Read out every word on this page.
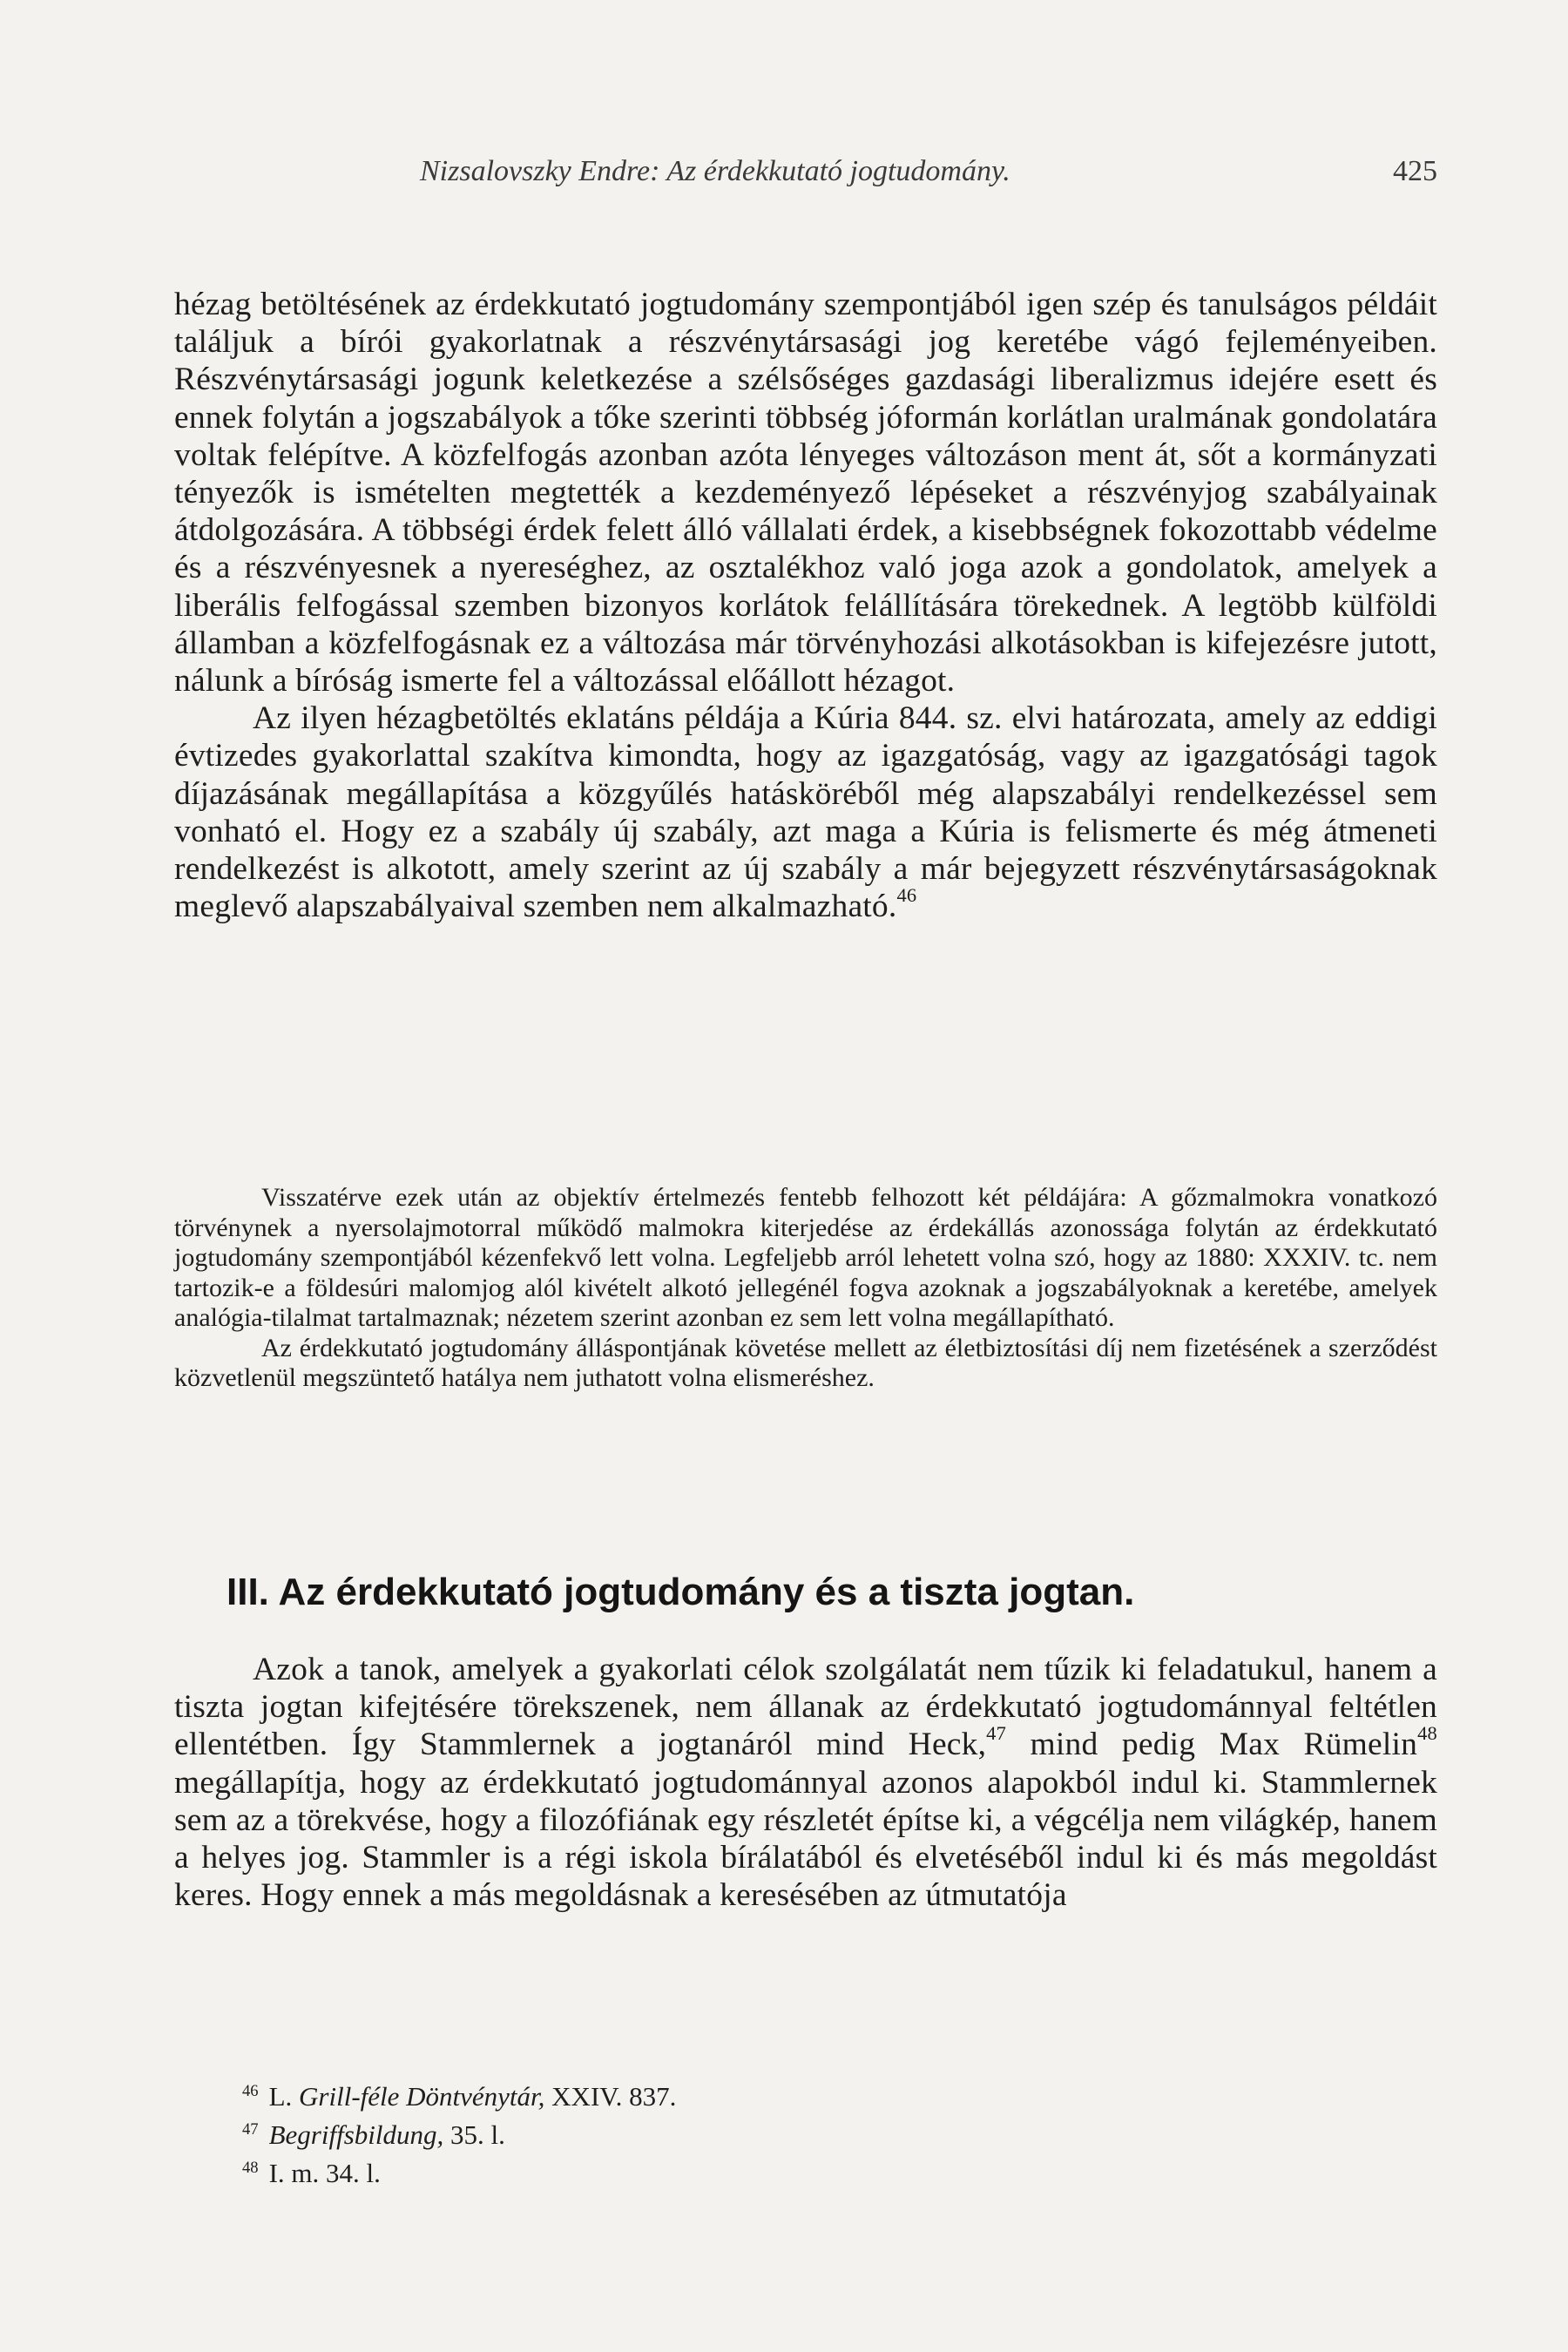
Nizsalovszky Endre: Az érdekkutató jogtudomány.	425

hézag betöltésének az érdekkutató jogtudomány szempontjából igen szép és tanulságos példáit találjuk a bírói gyakorlatnak a részvénytársasági jog keretébe vágó fejleményeiben. Részvénytársasági jogunk keletkezése a szélsőséges gazdasági liberalizmus idejére esett és ennek folytán a jogszabályok a tőke szerinti többség jóformán korlátlan uralmának gondolatára voltak felépítve. A közfelfogás azonban azóta lényeges változáson ment át, sőt a kormányzati tényezők is ismételten megtették a kezdeményező lépéseket a részvényjog szabályainak átdolgozására. A többségi érdek felett álló vállalati érdek, a kisebbségnek fokozottabb védelme és a részvényesnek a nyereséghez, az osztalékhoz való joga azok a gondolatok, amelyek a liberális felfogással szemben bizonyos korlátok felállítására törekednek. A legtöbb külföldi államban a közfelfogásnak ez a változása már törvényhozási alkotásokban is kifejezésre jutott, nálunk a bíróság ismerte fel a változással előállott hézagot.

Az ilyen hézagbetöltés eklatáns példája a Kúria 844. sz. elvi határozata, amely az eddigi évtizedes gyakorlattal szakítva kimondta, hogy az igazgatóság, vagy az igazgatósági tagok díjazásának megállapítása a közgyűlés hatásköréből még alapszabályi rendelkezéssel sem vonható el. Hogy ez a szabály új szabály, azt maga a Kúria is felismerte és még átmeneti rendelkezést is alkotott, amely szerint az új szabály a már bejegyzett részvénytársaságoknak meglevő alapszabályaival szemben nem alkalmazható.$^{46}$

Visszatérve ezek után az objektív értelmezés fentebb felhozott két példájára: A gőzmalmokra vonatkozó törvénynek a nyersolajmotorral működő malmokra kiterjedése az érdekállás azonossága folytán az érdekkutató jogtudomány szempontjából kézenfekvő lett volna. Legfeljebb arról lehetett volna szó, hogy az 1880: XXXIV. tc. nem tartozik-e a földesúri malomjog alól kivételt alkotó jellegénél fogva azoknak a jogszabályoknak a keretébe, amelyek analógia-tilalmat tartalmaznak; nézetem szerint azonban ez sem lett volna megállapítható.

Az érdekkutató jogtudomány álláspontjának követése mellett az életbiztosítási díj nem fizetésének a szerződést közvetlenül megszüntető hatálya nem juthatott volna elismeréshez.

III. Az érdekkutató jogtudomány és a tiszta jogtan.

Azok a tanok, amelyek a gyakorlati célok szolgálatát nem tűzik ki feladatukul, hanem a tiszta jogtan kifejtésére törekszenek, nem állanak az érdekkutató jogtudománnyal feltétlen ellentétben. Így Stammlernek a jogtanáról mind Heck,$^{47}$ mind pedig Max Rümelin$^{48}$ megállapítja, hogy az érdekkutató jogtudománnyal azonos alapokból indul ki. Stammlernek sem az a törekvése, hogy a filozófiának egy részletét építse ki, a végcélja nem világkép, hanem a helyes jog. Stammler is a régi iskola bírálatából és elvetéséből indul ki és más megoldást keres. Hogy ennek a más megoldásnak a keresésében az útmutatója

$^{46}$ L. Grill-féle Döntvénytár, XXIV. 837.
$^{47}$ Begriffsbildung, 35. l.
$^{48}$ I. m. 34. l.
